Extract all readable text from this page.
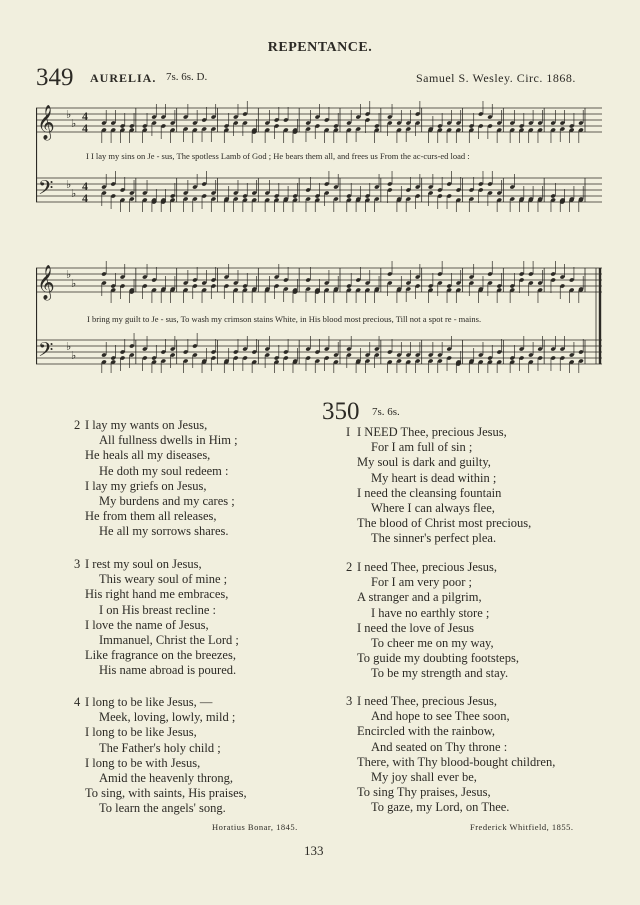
REPENTANCE.
349 AURELIA. 7s. 6s. D.	Samuel S. Wesley. Circ. 1868.
𝄞
𝄢
♭
♭
4
4
♭
♭
4
4
I I lay my sins on Je - sus, The spotless Lamb of God ; He bears them all, and frees us From the ac-curs-ed load :
𝄞
𝄢
♭
♭
♭
♭
I bring my guilt to Je - sus, To wash my crimson stains White, in His blood most precious, Till not a spot re - mains.
2 I lay my wants on Jesus,
All fullness dwells in Him ;
He heals all my diseases,
He doth my soul redeem :
I lay my griefs on Jesus,
My burdens and my cares ;
He from them all releases,
He all my sorrows shares.
3 I rest my soul on Jesus,
This weary soul of mine ;
His right hand me embraces,
I on His breast recline :
I love the name of Jesus,
Immanuel, Christ the Lord ;
Like fragrance on the breezes,
His name abroad is poured.
4 I long to be like Jesus, —
Meek, loving, lowly, mild ;
I long to be like Jesus,
The Father's holy child ;
I long to be with Jesus,
Amid the heavenly throng,
To sing, with saints, His praises,
To learn the angels' song.
Horatius Bonar, 1845.
350 7s. 6s.
I I NEED Thee, precious Jesus,
For I am full of sin ;
My soul is dark and guilty,
My heart is dead within ;
I need the cleansing fountain
Where I can always flee,
The blood of Christ most precious,
The sinner's perfect plea.
2 I need Thee, precious Jesus,
For I am very poor ;
A stranger and a pilgrim,
I have no earthly store ;
I need the love of Jesus
To cheer me on my way,
To guide my doubting footsteps,
To be my strength and stay.
3 I need Thee, precious Jesus,
And hope to see Thee soon,
Encircled with the rainbow,
And seated on Thy throne :
There, with Thy blood-bought children,
My joy shall ever be,
To sing Thy praises, Jesus,
To gaze, my Lord, on Thee.
Frederick Whitfield, 1855.
133
